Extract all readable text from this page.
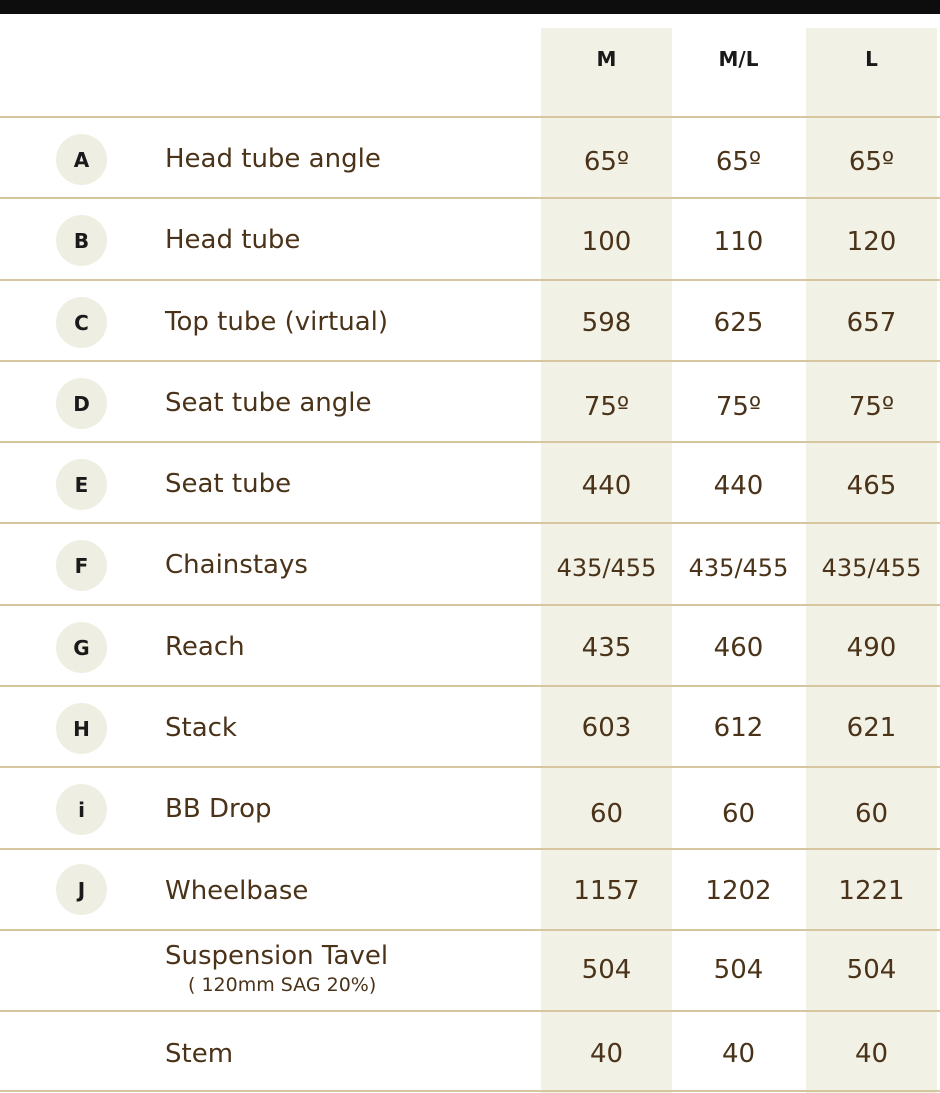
M	M/L	L
A	Head tube angle	65º	65º	65º
B	Head tube	100	110	120
C	Top tube (virtual)	598	625	657
D	Seat tube angle	75º	75º	75º
E	Seat tube	440	440	465
F	Chainstays	435/455	435/455	435/455
G	Reach	435	460	490
H	Stack	603	612	621
i	BB Drop	60	60	60
J	Wheelbase	1157	1202	1221
Suspension Tavel
( 120mm SAG 20%)	504	504	504
Stem	40	40	40
